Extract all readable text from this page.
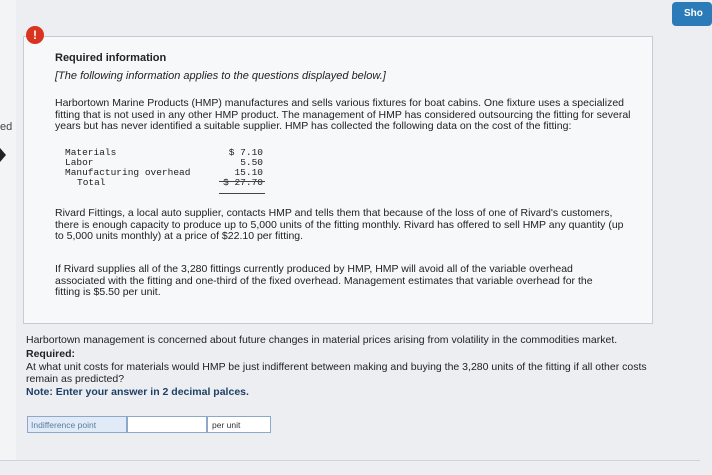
ed
Sho
!
Required information
[The following information applies to the questions displayed below.]
Harbortown Marine Products (HMP) manufactures and sells various fixtures for boat cabins. One fixture uses a specialized fitting that is not used in any other HMP product. The management of HMP has considered outsourcing the fitting for several years but has never identified a suitable supplier. HMP has collected the following data on the cost of the fitting:
Materials	$ 7.10
Labor	5.50
Manufacturing overhead	15.10
Total	$ 27.70
Rivard Fittings, a local auto supplier, contacts HMP and tells them that because of the loss of one of Rivard's customers, there is enough capacity to produce up to 5,000 units of the fitting monthly. Rivard has offered to sell HMP any quantity (up to 5,000 units monthly) at a price of $22.10 per fitting.
If Rivard supplies all of the 3,280 fittings currently produced by HMP, HMP will avoid all of the variable overhead associated with the fitting and one-third of the fixed overhead. Management estimates that variable overhead for the fitting is $5.50 per unit.
Harbortown management is concerned about future changes in material prices arising from volatility in the commodities market.
Required:
At what unit costs for materials would HMP be just indifferent between making and buying the 3,280 units of the fitting if all other costs remain as predicted?
Note: Enter your answer in 2 decimal palces.
Indifference point	per unit
